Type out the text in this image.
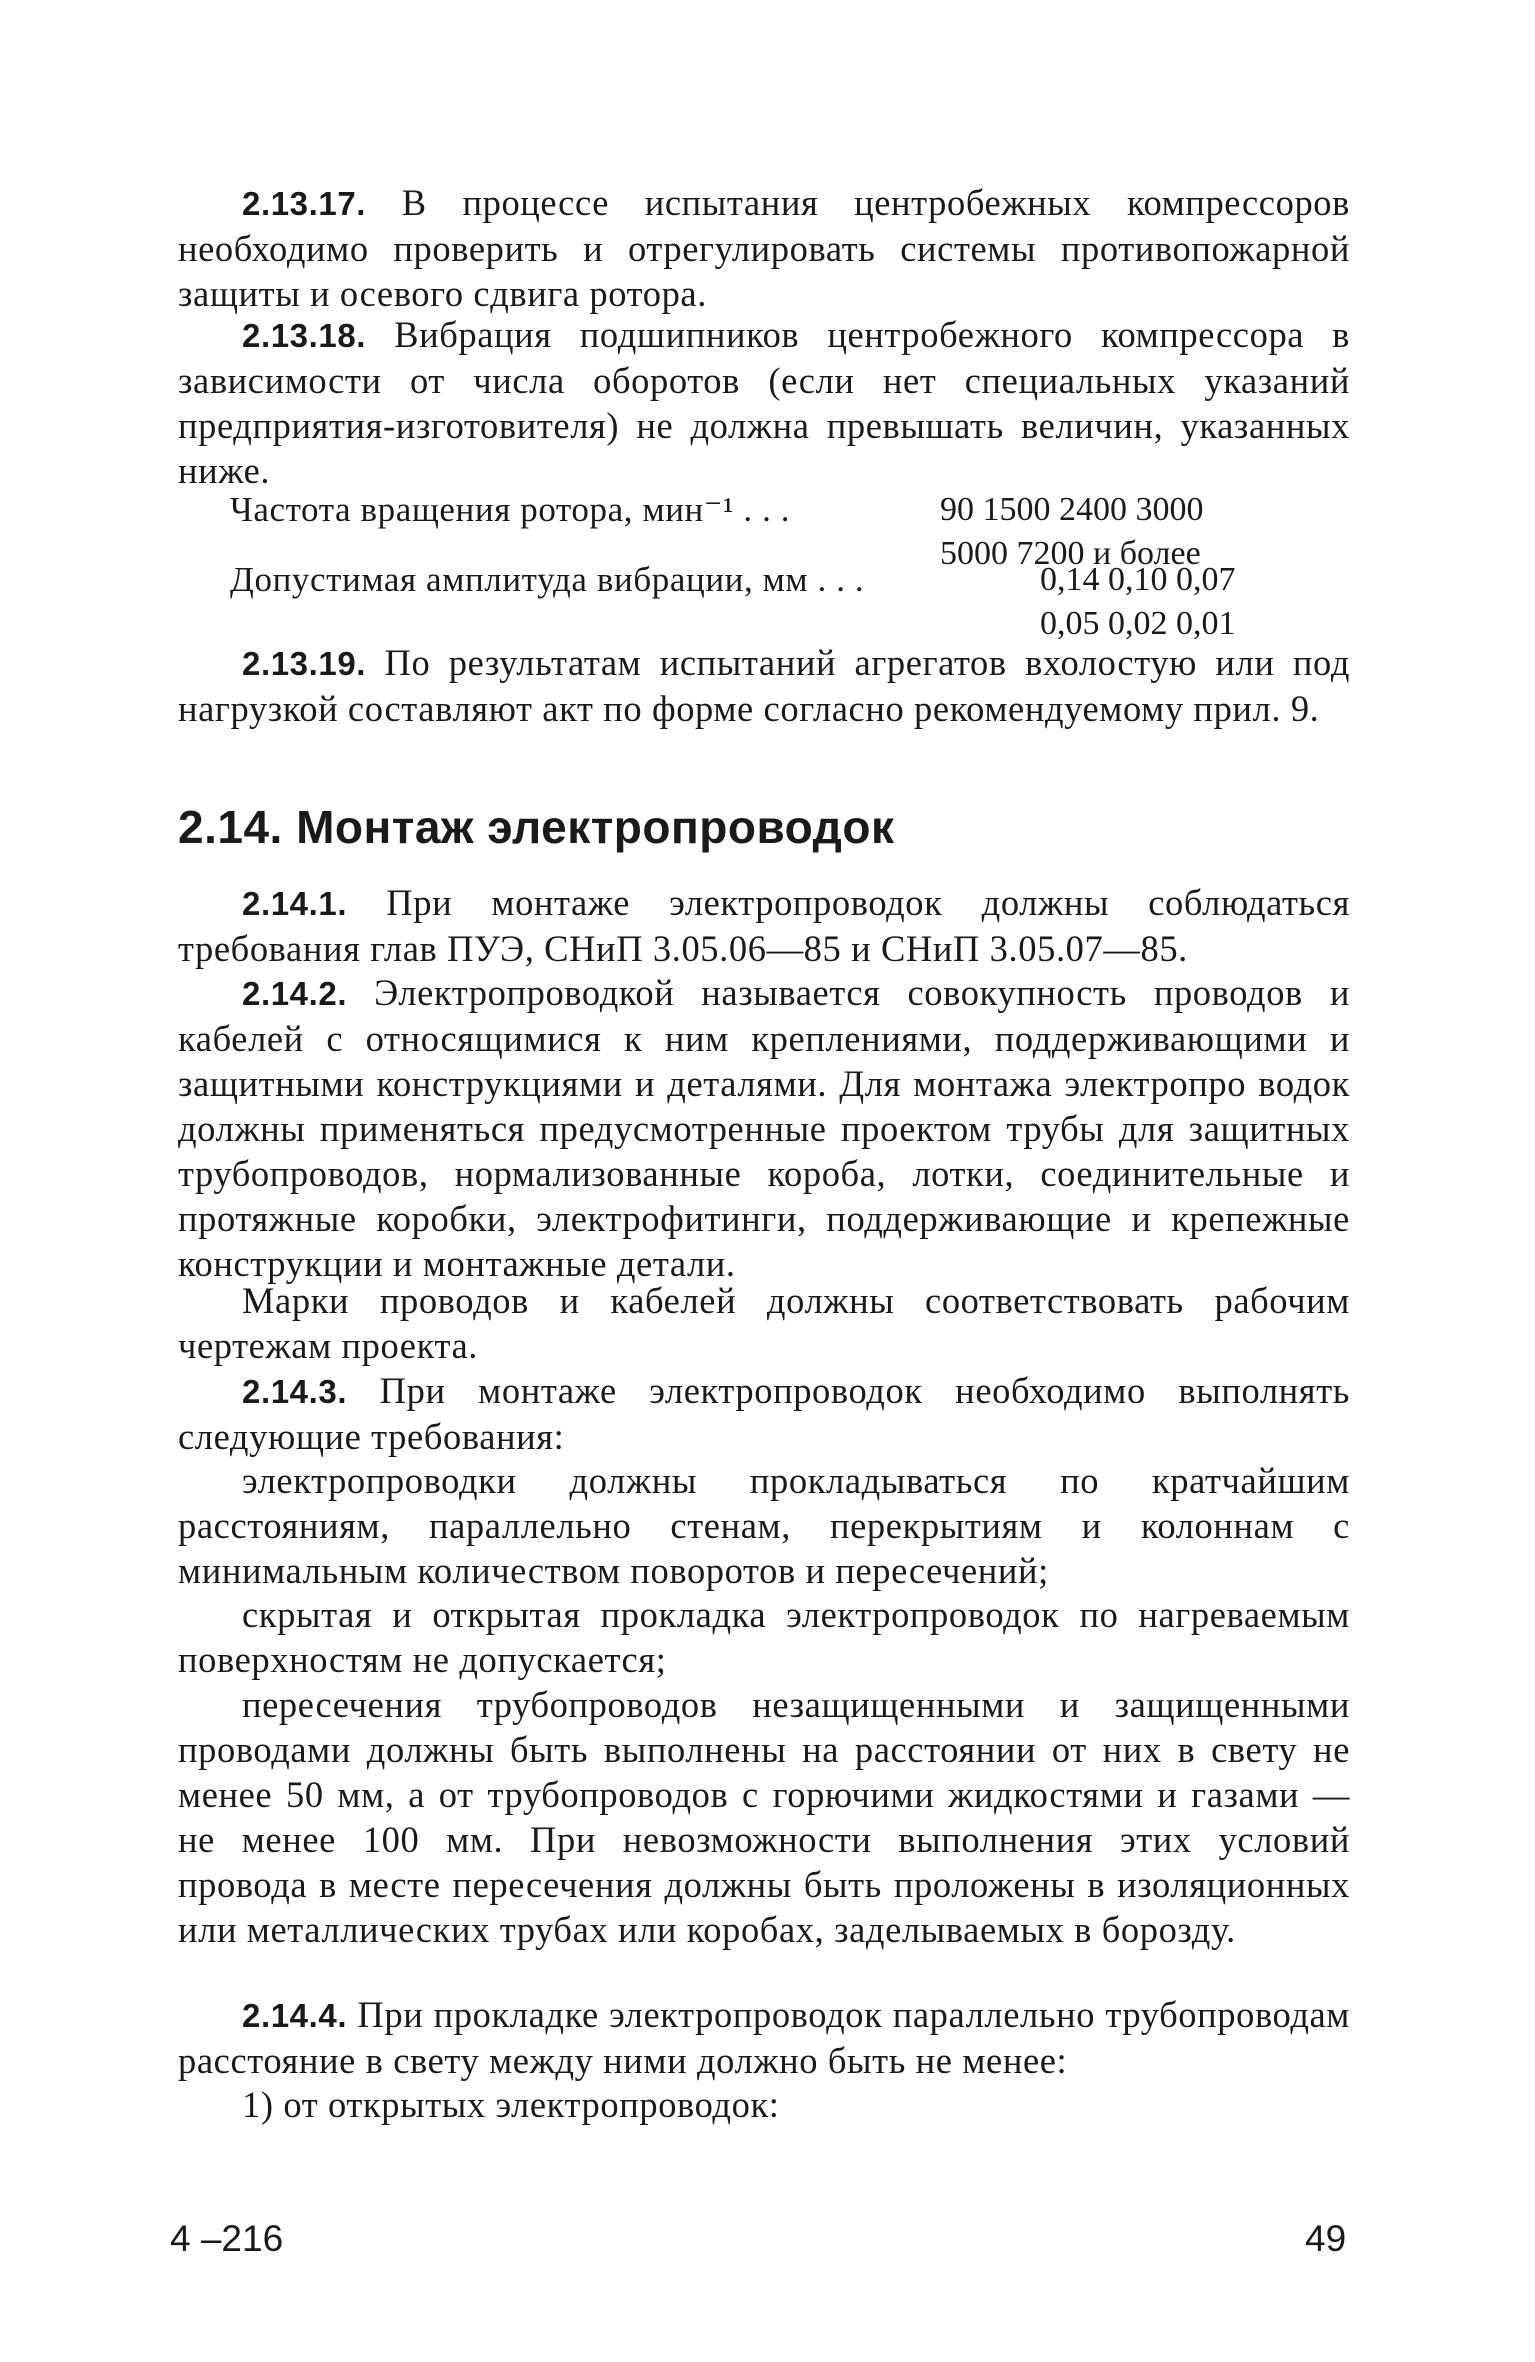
2.13.17. В процессе испытания центробежных компрессоров необходимо проверить и отрегулировать системы противопожарной защиты и осевого сдвига ротора.

2.13.18. Вибрация подшипников центробежного компрессора в зависимости от числа оборотов (если нет специальных указаний предприятия-изготовителя) не должна превышать величин, указанных ниже.

Частота вращения ротора, мин⁻¹ . . .	90 1500 2400 3000
5000 7200 и более
Допустимая амплитуда вибрации, мм . . .	0,14 0,10 0,07
0,05 0,02 0,01

2.13.19. По результатам испытаний агрегатов вхолостую или под нагрузкой составляют акт по форме согласно рекомендуемому прил. 9.

2.14. Монтаж электропроводок

2.14.1. При монтаже электропроводок должны соблюдаться требования глав ПУЭ, СНиП 3.05.06—85 и СНиП 3.05.07—85.

2.14.2. Электропроводкой называется совокупность проводов и кабелей с относящимися к ним креплениями, поддерживающими и защитными конструкциями и деталями. Для монтажа электропро водок должны применяться предусмотренные проектом трубы для защитных трубопроводов, нормализованные короба, лотки, соединительные и протяжные коробки, электрофитинги, поддерживающие и крепежные конструкции и монтажные детали.

Марки проводов и кабелей должны соответствовать рабочим чертежам проекта.

2.14.3. При монтаже электропроводок необходимо выполнять следующие требования:

электропроводки должны прокладываться по кратчайшим расстояниям, параллельно стенам, перекрытиям и колоннам с минимальным количеством поворотов и пересечений;

скрытая и открытая прокладка электропроводок по нагреваемым поверхностям не допускается;

пересечения трубопроводов незащищенными и защищенными проводами должны быть выполнены на расстоянии от них в свету не менее 50 мм, а от трубопроводов с горючими жидкостями и газами — не менее 100 мм. При невозможности выполнения этих условий провода в месте пересечения должны быть проложены в изоляционных или металлических трубах или коробах, заделываемых в борозду.

2.14.4. При прокладке электропроводок параллельно трубопроводам расстояние в свету между ними должно быть не менее:

1) от открытых электропроводок:

4 –216	49
